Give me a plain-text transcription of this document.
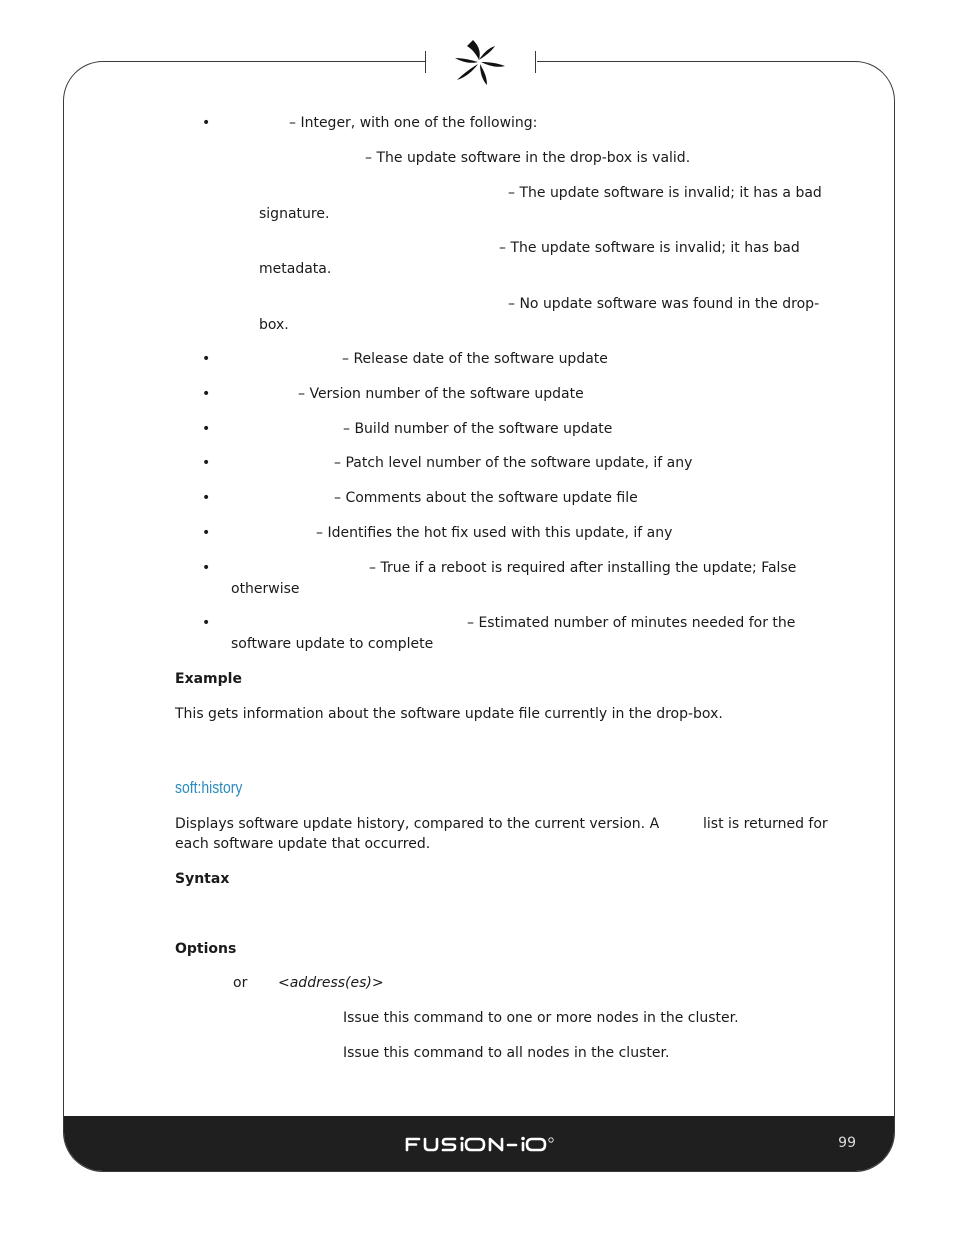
99
•	– Integer, with one of the following:
– The update software in the drop-box is valid.
– The update software is invalid; it has a bad
signature.
– The update software is invalid; it has bad
metadata.
– No update software was found in the drop-
box.
•	– Release date of the software update
•	– Version number of the software update
•	– Build number of the software update
•	– Patch level number of the software update, if any
•	– Comments about the software update file
•	– Identifies the hot fix used with this update, if any
•	– True if a reboot is required after installing the update; False
otherwise
•	– Estimated number of minutes needed for the
software update to complete
Example
This gets information about the software update file currently in the drop-box.
soft:history
Displays software update history, compared to the current version. A	list is returned for
each software update that occurred.
Syntax
Options
or <address(es)>
Issue this command to one or more nodes in the cluster.
Issue this command to all nodes in the cluster.
